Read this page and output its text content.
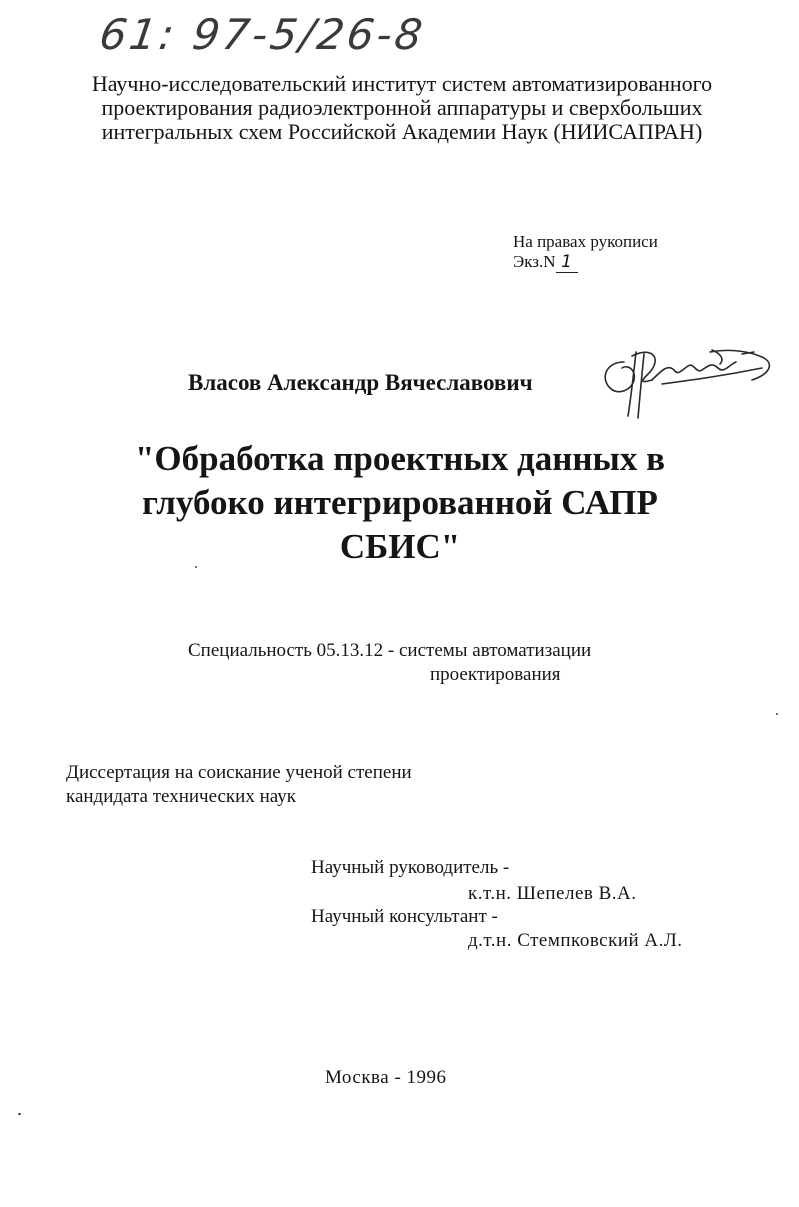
61: 97-5/26-8
Научно-исследовательский институт систем автоматизированного
проектирования радиоэлектронной аппаратуры и сверхбольших
интегральных схем Российской Академии Наук (НИИСАПРАН)
На правах рукописи
Экз.N 1
Власов Александр Вячеславович
"Обработка проектных данных в
глубоко интегрированной САПР
СБИС"
Специальность 05.13.12 - системы автоматизации
проектирования
Диссертация на соискание ученой степени
кандидата технических наук
Научный руководитель -
к.т.н. Шепелев В.А.
Научный консультант -
д.т.н. Стемпковский А.Л.
Москва - 1996
